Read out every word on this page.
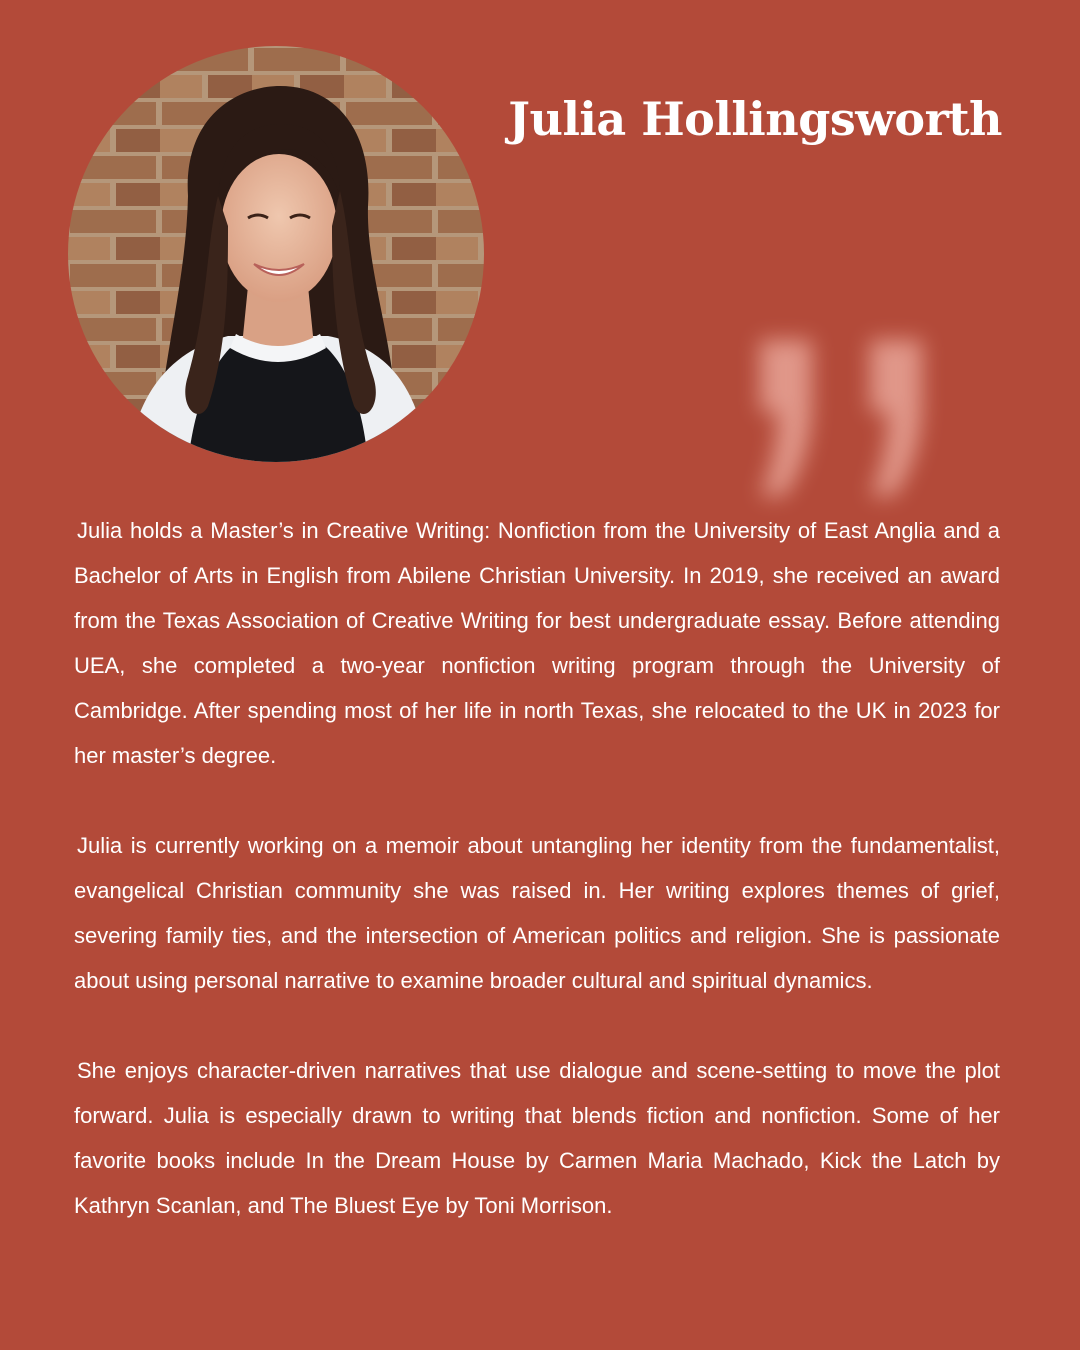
Julia Hollingsworth

Julia holds a Master’s in Creative Writing: Nonfiction from the University of East Anglia and a Bachelor of Arts in English from Abilene Christian University. In 2019, she received an award from the Texas Association of Creative Writing for best undergraduate essay. Before attending UEA, she completed a two-year nonfiction writing program through the University of Cambridge. After spending most of her life in north Texas, she relocated to the UK in 2023 for her master’s degree.

Julia is currently working on a memoir about untangling her identity from the fundamentalist, evangelical Christian community she was raised in. Her writing explores themes of grief, severing family ties, and the intersection of American politics and religion. She is passionate about using personal narrative to examine broader cultural and spiritual dynamics.

She enjoys character-driven narratives that use dialogue and scene-setting to move the plot forward. Julia is especially drawn to writing that blends fiction and nonfiction. Some of her favorite books include In the Dream House by Carmen Maria Machado, Kick the Latch by Kathryn Scanlan, and The Bluest Eye by Toni Morrison.
